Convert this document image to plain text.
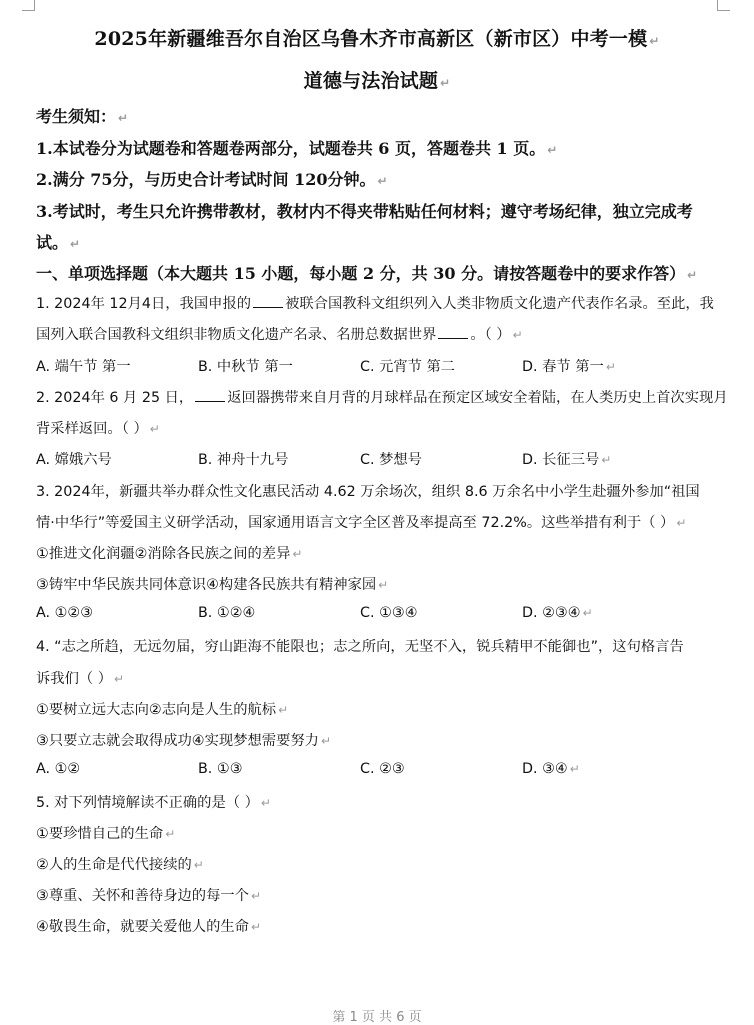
2025年新疆维吾尔自治区乌鲁木齐市高新区（新市区）中考一模 ↵
道德与法治试题 ↵
考生须知： ↵
1.本试卷分为试题卷和答题卷两部分，试题卷共 6 页，答题卷共 1 页。 ↵
2.满分 75分，与历史合计考试时间 120分钟。 ↵
3.考试时，考生只允许携带教材，教材内不得夹带粘贴任何材料；遵守考场纪律，独立完成考
试。 ↵
一、单项选择题（本大题共 15 小题，每小题 2 分，共 30 分。请按答题卷中的要求作答） ↵
1. 2024年 12月4日，我国申报的 被联合国教科文组织列入人类非物质文化遗产代表作名录。至此，我
国列入联合国教科文组织非物质文化遗产名录、名册总数据世界 。（ ） ↵
A. 端午节 第一	B. 中秋节 第一	C. 元宵节 第二	D. 春节 第一 ↵
2. 2024年 6 月 25 日， 返回器携带来自月背的月球样品在预定区域安全着陆，在人类历史上首次实现月
背采样返回。（ ） ↵
A. 嫦娥六号	B. 神舟十九号	C. 梦想号	D. 长征三号 ↵
3. 2024年，新疆共举办群众性文化惠民活动 4.62 万余场次，组织 8.6 万余名中小学生赴疆外参加“祖国
情·中华行”等爱国主义研学活动，国家通用语言文字全区普及率提高至 72.2%。这些举措有利于（ ） ↵
①推进文化润疆②消除各民族之间的差异 ↵
③铸牢中华民族共同体意识④构建各民族共有精神家园 ↵
A. ①②③	B. ①②④	C. ①③④	D. ②③④ ↵
4. “志之所趋，无远勿届，穷山距海不能限也；志之所向，无坚不入，锐兵精甲不能御也”，这句格言告
诉我们（ ） ↵
①要树立远大志向②志向是人生的航标 ↵
③只要立志就会取得成功④实现梦想需要努力 ↵
A. ①②	B. ①③	C. ②③	D. ③④ ↵
5. 对下列情境解读不正确的是（ ） ↵
①要珍惜自己的生命 ↵
②人的生命是代代接续的 ↵
③尊重、关怀和善待身边的每一个 ↵
④敬畏生命，就要关爱他人的生命 ↵
第 1 页 共 6 页
